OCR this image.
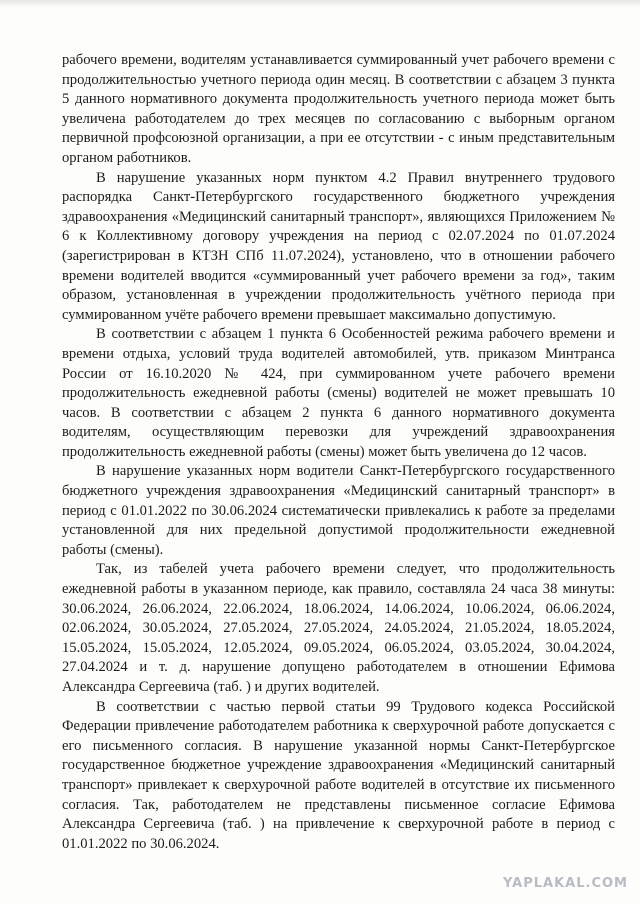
рабочего времени, водителям устанавливается суммированный учет рабочего времени с продолжительностью учетного периода один месяц. В соответствии с абзацем 3 пункта 5 данного нормативного документа продолжительность учетного периода может быть увеличена работодателем до трех месяцев по согласованию с выборным органом первичной профсоюзной организации, а при ее отсутствии - с иным представительным органом работников.

В нарушение указанных норм пунктом 4.2 Правил внутреннего трудового распорядка Санкт-Петербургского государственного бюджетного учреждения здравоохранения «Медицинский санитарный транспорт», являющихся Приложением № 6 к Коллективному договору учреждения на период с 02.07.2024 по 01.07.2024 (зарегистрирован в КТЗН СПб 11.07.2024), установлено, что в отношении рабочего времени водителей вводится «суммированный учет рабочего времени за год», таким образом, установленная в учреждении продолжительность учётного периода при суммированном учёте рабочего времени превышает максимально допустимую.

В соответствии с абзацем 1 пункта 6 Особенностей режима рабочего времени и времени отдыха, условий труда водителей автомобилей, утв. приказом Минтранса России от 16.10.2020 № 424, при суммированном учете рабочего времени продолжительность ежедневной работы (смены) водителей не может превышать 10 часов. В соответствии с абзацем 2 пункта 6 данного нормативного документа водителям, осуществляющим перевозки для учреждений здравоохранения продолжительность ежедневной работы (смены) может быть увеличена до 12 часов.

В нарушение указанных норм водители Санкт-Петербургского государственного бюджетного учреждения здравоохранения «Медицинский санитарный транспорт» в период с 01.01.2022 по 30.06.2024 систематически привлекались к работе за пределами установленной для них предельной допустимой продолжительности ежедневной работы (смены).

Так, из табелей учета рабочего времени следует, что продолжительность ежедневной работы в указанном периоде, как правило, составляла 24 часа 38 минуты: 30.06.2024, 26.06.2024, 22.06.2024, 18.06.2024, 14.06.2024, 10.06.2024, 06.06.2024, 02.06.2024, 30.05.2024, 27.05.2024, 27.05.2024, 24.05.2024, 21.05.2024, 18.05.2024, 15.05.2024, 15.05.2024, 12.05.2024, 09.05.2024, 06.05.2024, 03.05.2024, 30.04.2024, 27.04.2024 и т. д. нарушение допущено работодателем в отношении Ефимова Александра Сергеевича (таб. ) и других водителей.

В соответствии с частью первой статьи 99 Трудового кодекса Российской Федерации привлечение работодателем работника к сверхурочной работе допускается с его письменного согласия. В нарушение указанной нормы Санкт-Петербургское государственное бюджетное учреждение здравоохранения «Медицинский санитарный транспорт» привлекает к сверхурочной работе водителей в отсутствие их письменного согласия. Так, работодателем не представлены письменное согласие Ефимова Александра Сергеевича (таб. ) на привлечение к сверхурочной работе в период с 01.01.2022 по 30.06.2024.

YAPLAKAL.COM
